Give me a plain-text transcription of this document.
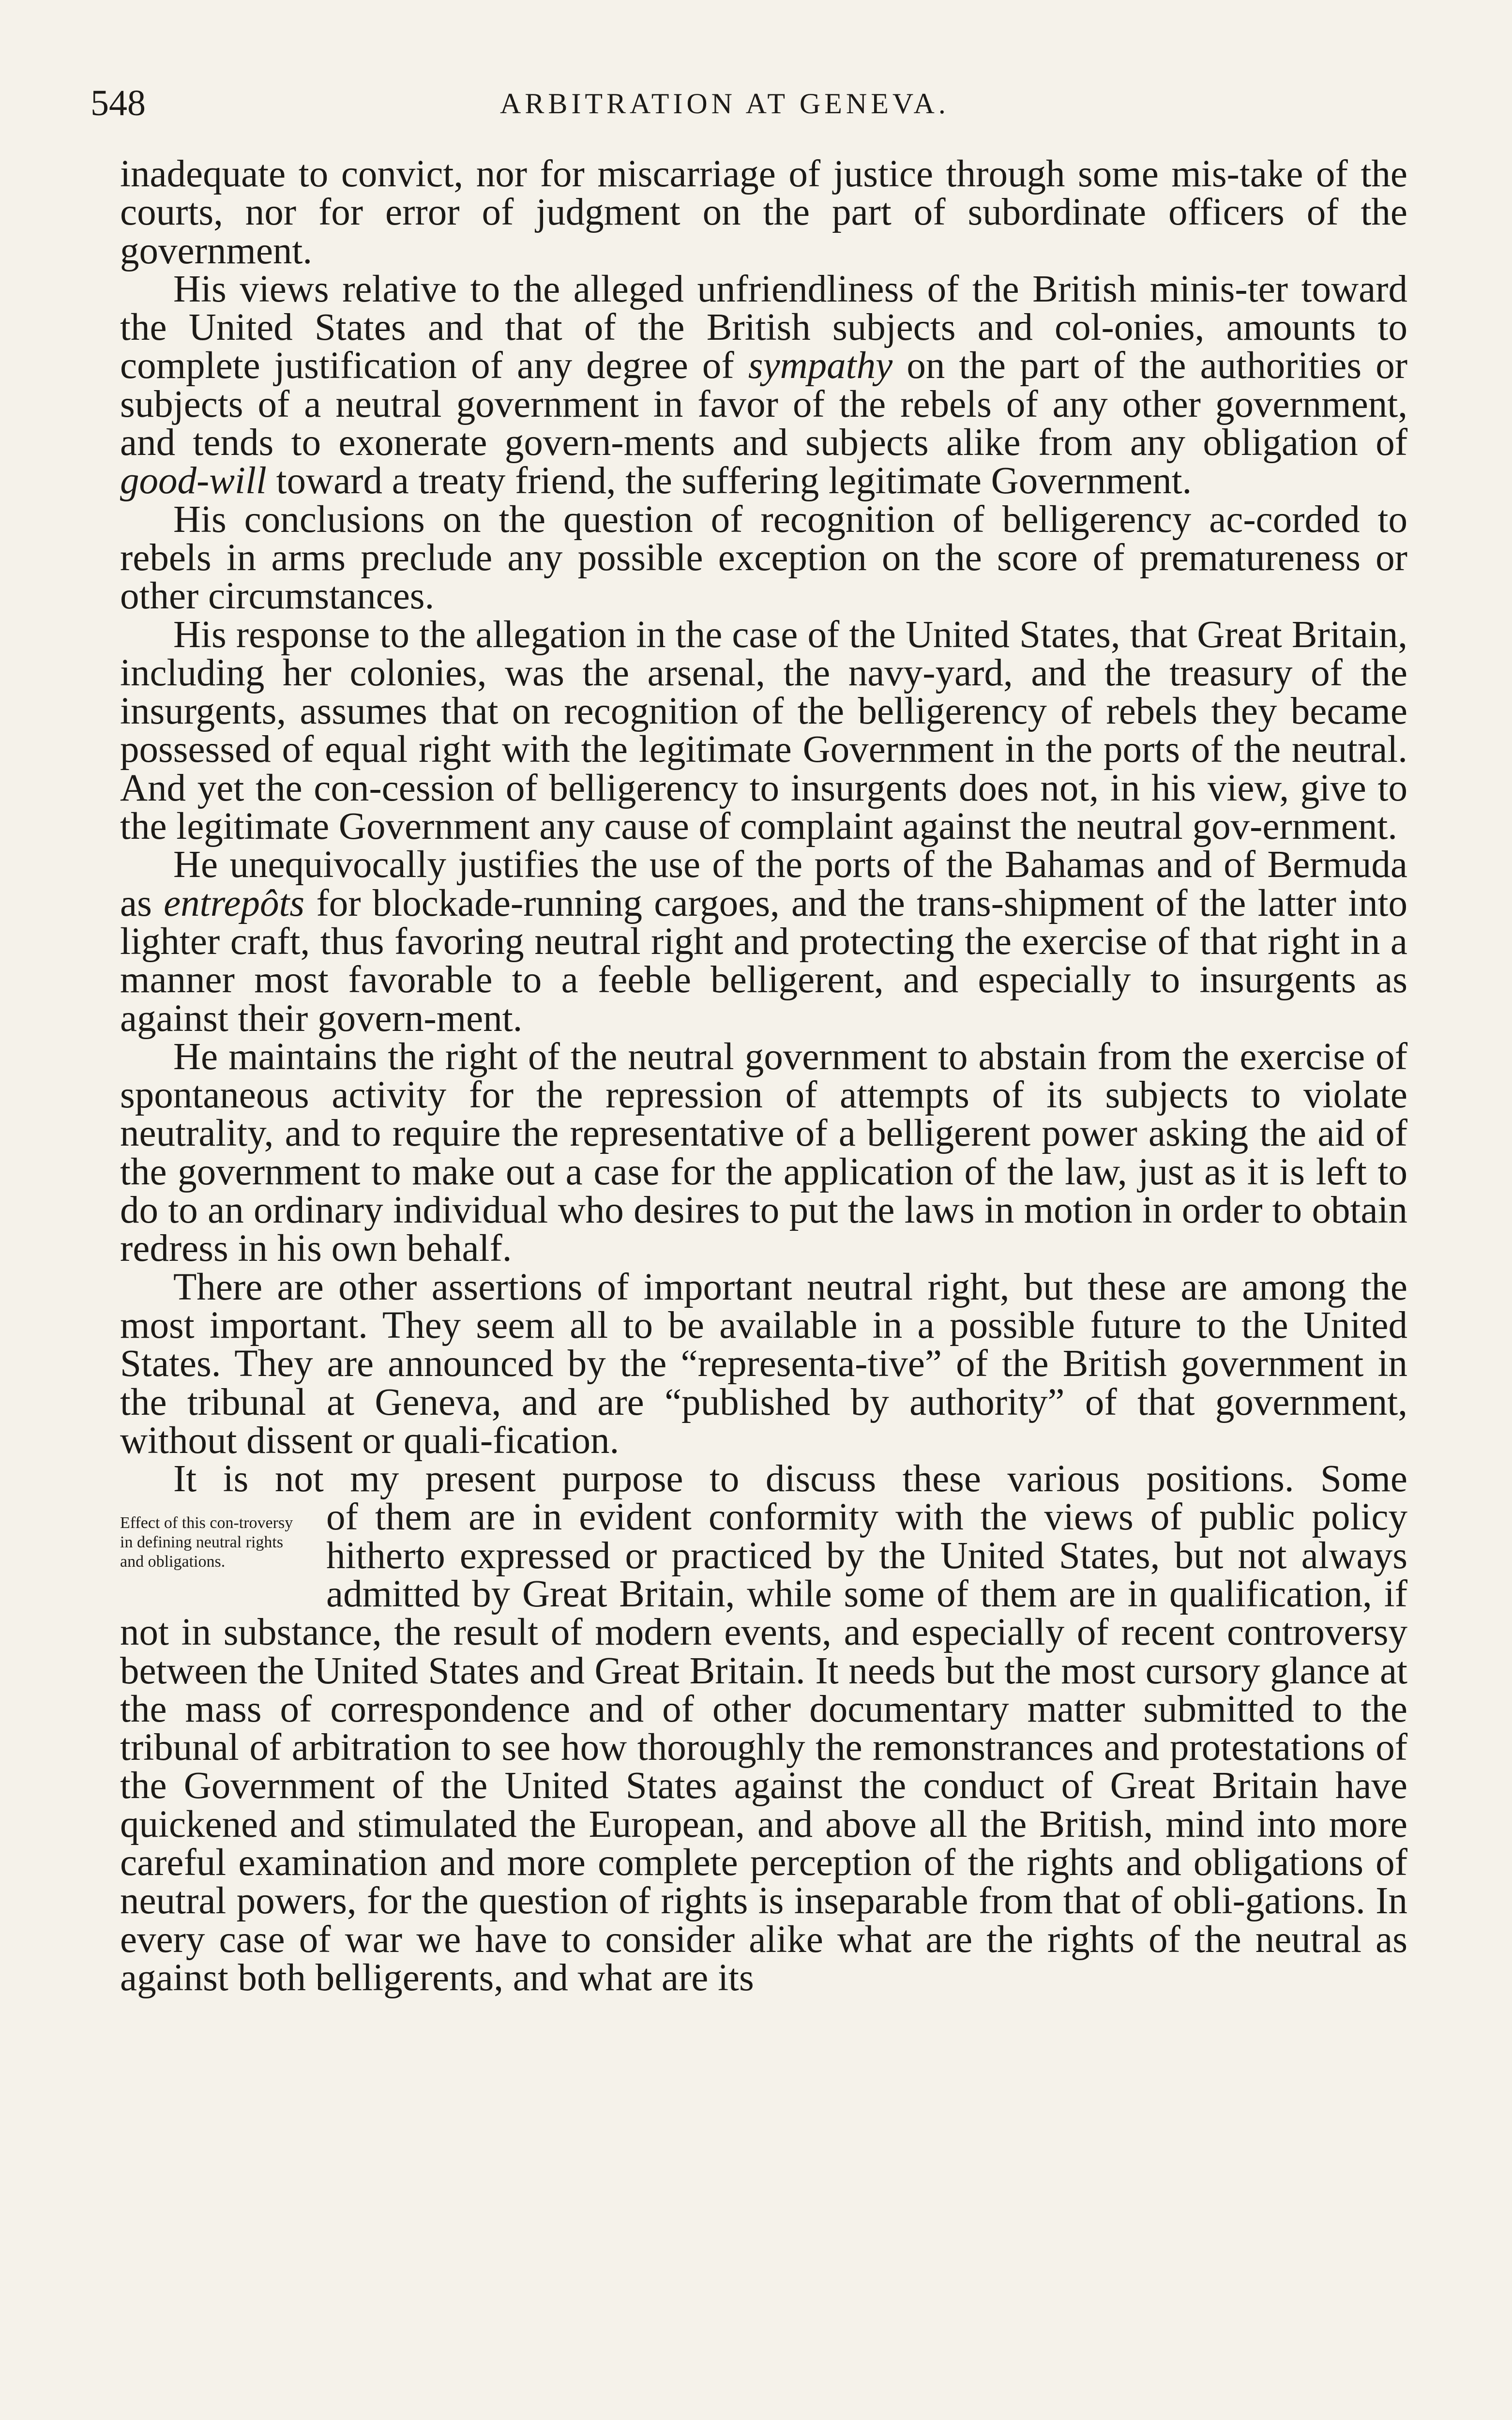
548	ARBITRATION AT GENEVA.

inadequate to convict, nor for miscarriage of justice through some mis-take of the courts, nor for error of judgment on the part of subordinate officers of the government.

His views relative to the alleged unfriendliness of the British minis-ter toward the United States and that of the British subjects and col-onies, amounts to complete justification of any degree of sympathy on the part of the authorities or subjects of a neutral government in favor of the rebels of any other government, and tends to exonerate govern-ments and subjects alike from any obligation of good-will toward a treaty friend, the suffering legitimate Government.

His conclusions on the question of recognition of belligerency ac-corded to rebels in arms preclude any possible exception on the score of prematureness or other circumstances.

His response to the allegation in the case of the United States, that Great Britain, including her colonies, was the arsenal, the navy-yard, and the treasury of the insurgents, assumes that on recognition of the belligerency of rebels they became possessed of equal right with the legitimate Government in the ports of the neutral. And yet the con-cession of belligerency to insurgents does not, in his view, give to the legitimate Government any cause of complaint against the neutral gov-ernment.

He unequivocally justifies the use of the ports of the Bahamas and of Bermuda as entrepôts for blockade-running cargoes, and the trans-shipment of the latter into lighter craft, thus favoring neutral right and protecting the exercise of that right in a manner most favorable to a feeble belligerent, and especially to insurgents as against their govern-ment.

He maintains the right of the neutral government to abstain from the exercise of spontaneous activity for the repression of attempts of its subjects to violate neutrality, and to require the representative of a belligerent power asking the aid of the government to make out a case for the application of the law, just as it is left to do to an ordinary individual who desires to put the laws in motion in order to obtain redress in his own behalf.

There are other assertions of important neutral right, but these are among the most important. They seem all to be available in a possible future to the United States. They are announced by the “representa-tive” of the British government in the tribunal at Geneva, and are “published by authority” of that government, without dissent or quali-fication.

It is not my present purpose to discuss these various positions. Some
Effect of this con-troversy in defining neutral rights and obligations.
of them are in evident conformity with the views of public policy hitherto expressed or practiced by the United States, but not always admitted by Great Britain, while some of them are in qualification, if not in substance, the result of modern events, and especially of recent controversy between the United States and Great Britain. It needs but the most cursory glance at the mass of correspondence and of other documentary matter submitted to the tribunal of arbitration to see how thoroughly the remonstrances and protestations of the Government of the United States against the conduct of Great Britain have quickened and stimulated the European, and above all the British, mind into more careful examination and more complete perception of the rights and obligations of neutral powers, for the question of rights is inseparable from that of obli-gations. In every case of war we have to consider alike what are the rights of the neutral as against both belligerents, and what are its
